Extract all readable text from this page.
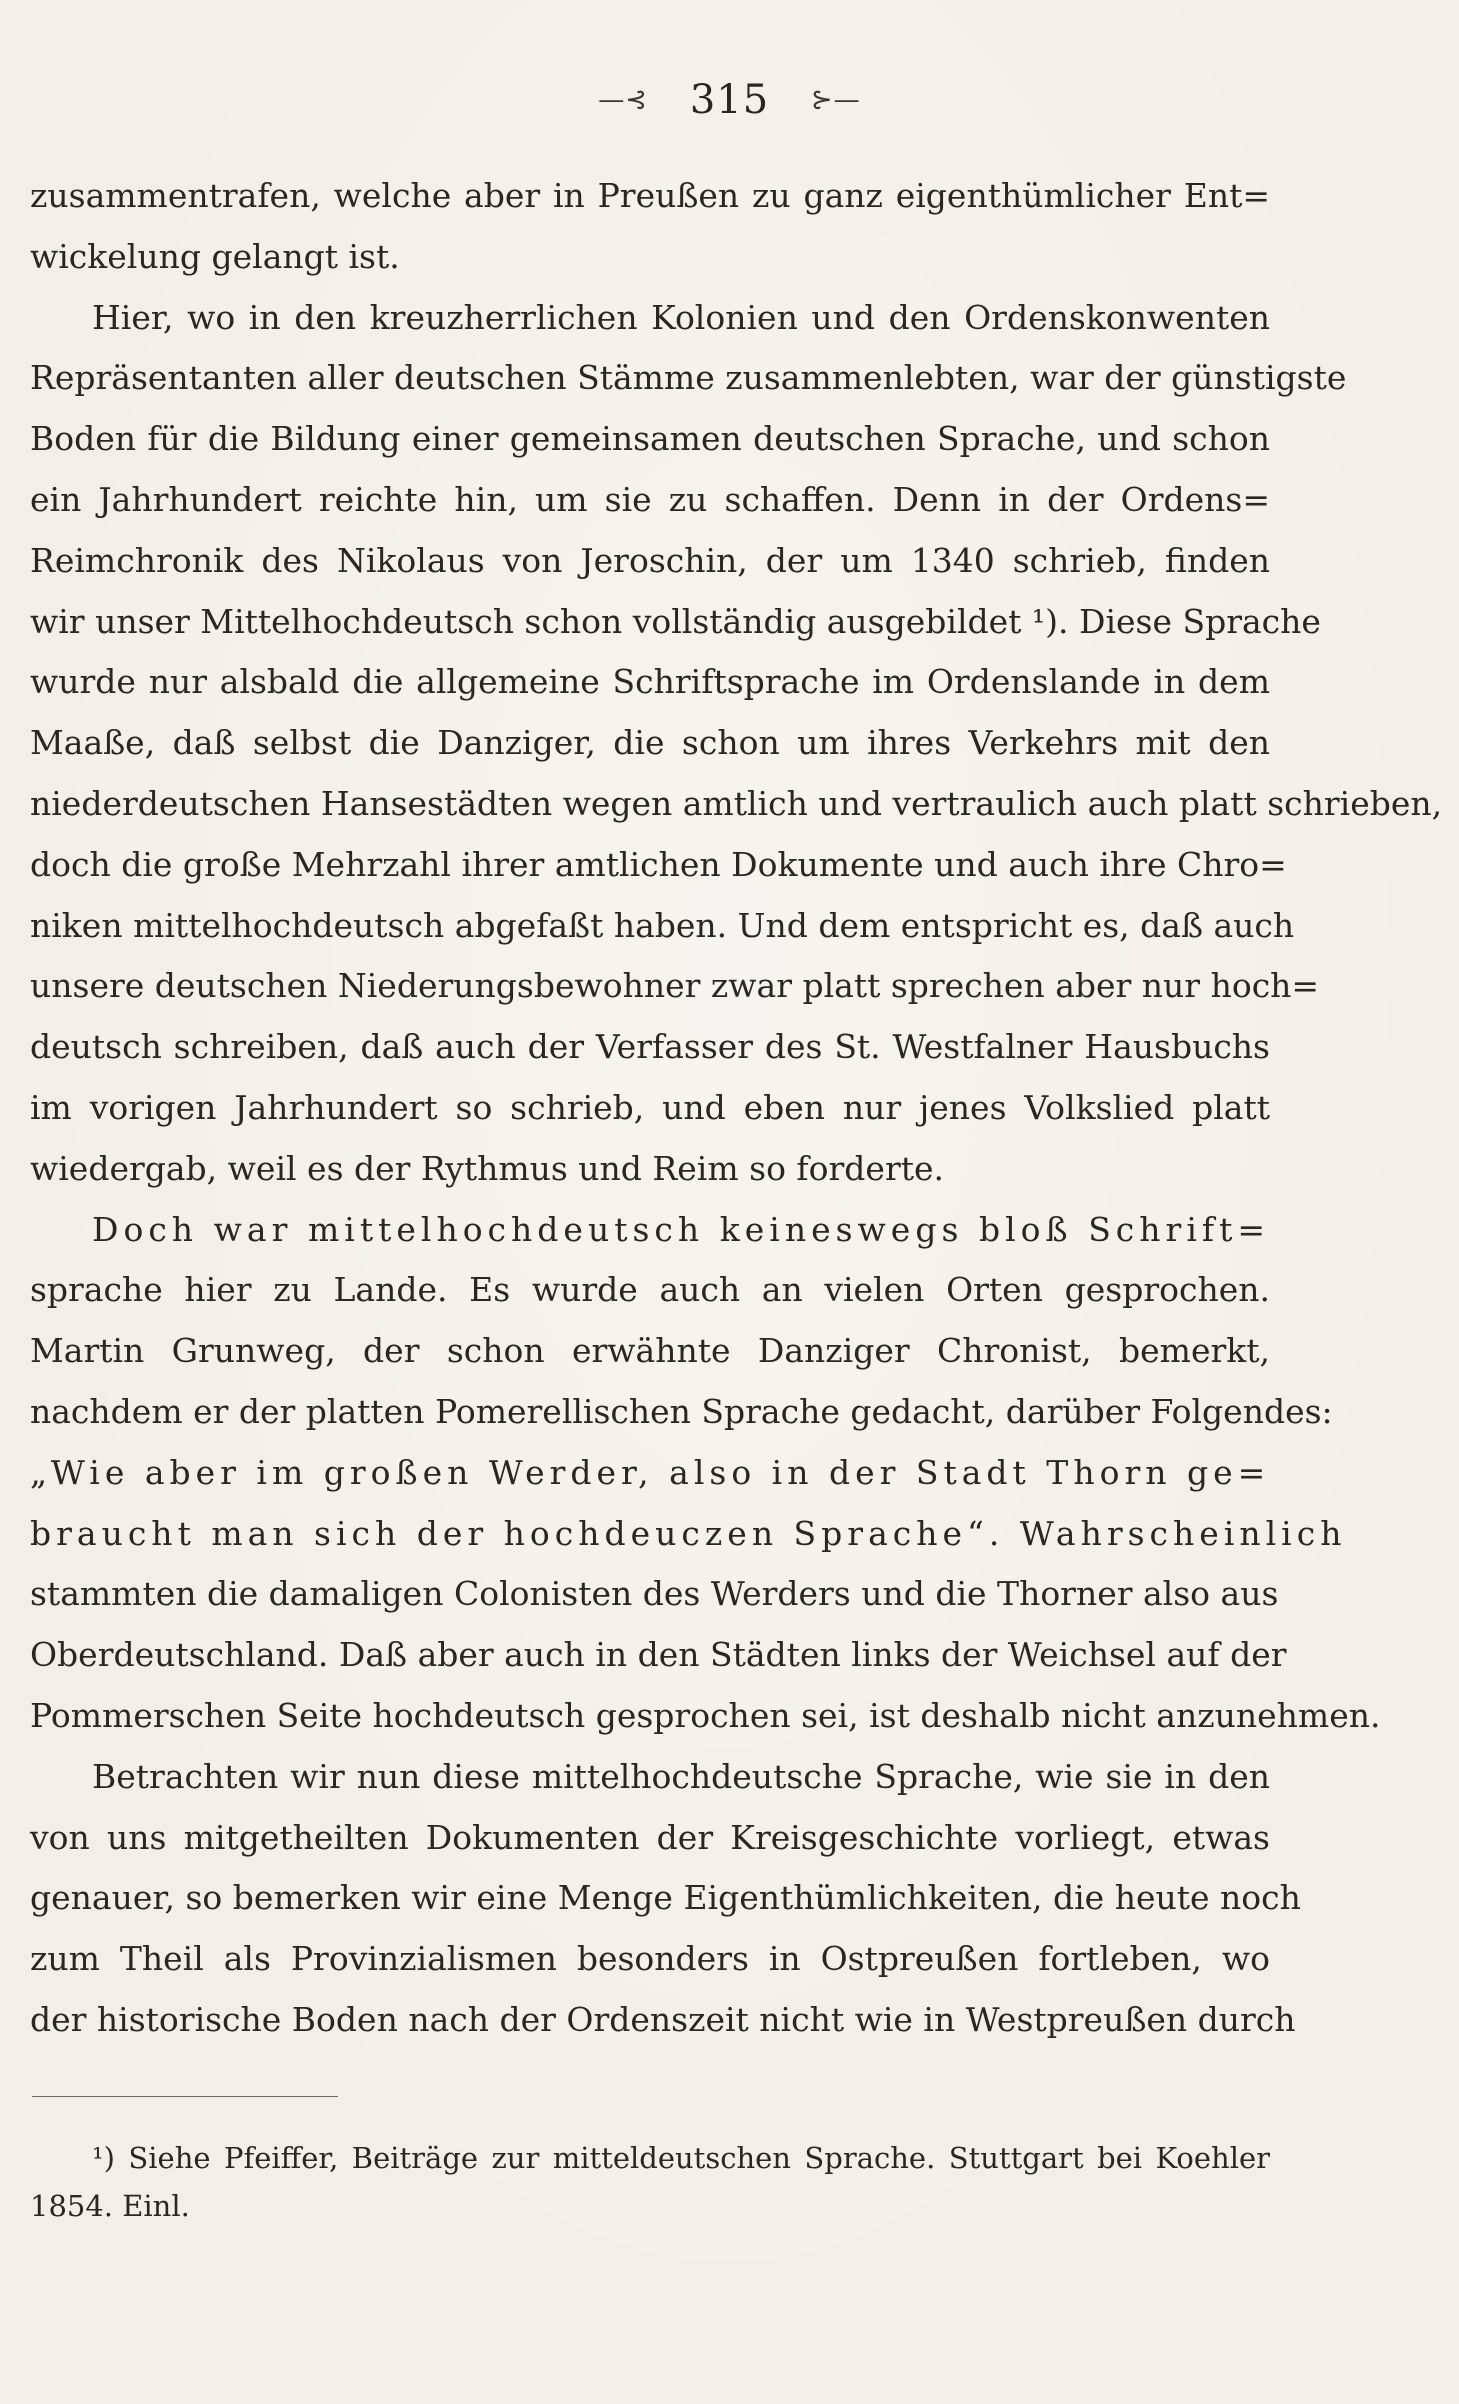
—⊰ 315 ⊱—
zusammentrafen, welche aber in Preußen zu ganz eigenthümlicher Ent=
wickelung gelangt ist.
Hier, wo in den kreuzherrlichen Kolonien und den Ordenskonwenten
Repräsentanten aller deutschen Stämme zusammenlebten, war der günstigste
Boden für die Bildung einer gemeinsamen deutschen Sprache, und schon
ein Jahrhundert reichte hin, um sie zu schaffen. Denn in der Ordens=
Reimchronik des Nikolaus von Jeroschin, der um 1340 schrieb, finden
wir unser Mittelhochdeutsch schon vollständig ausgebildet ¹). Diese Sprache
wurde nur alsbald die allgemeine Schriftsprache im Ordenslande in dem
Maaße, daß selbst die Danziger, die schon um ihres Verkehrs mit den
niederdeutschen Hansestädten wegen amtlich und vertraulich auch platt schrieben,
doch die große Mehrzahl ihrer amtlichen Dokumente und auch ihre Chro=
niken mittelhochdeutsch abgefaßt haben. Und dem entspricht es, daß auch
unsere deutschen Niederungsbewohner zwar platt sprechen aber nur hoch=
deutsch schreiben, daß auch der Verfasser des St. Westfalner Hausbuchs
im vorigen Jahrhundert so schrieb, und eben nur jenes Volkslied platt
wiedergab, weil es der Rythmus und Reim so forderte.
Doch war mittelhochdeutsch keineswegs bloß Schrift=
sprache hier zu Lande. Es wurde auch an vielen Orten gesprochen.
Martin Grunweg, der schon erwähnte Danziger Chronist, bemerkt,
nachdem er der platten Pomerellischen Sprache gedacht, darüber Folgendes:
„Wie aber im großen Werder, also in der Stadt Thorn ge=
braucht man sich der hochdeuczen Sprache“. Wahrscheinlich
stammten die damaligen Colonisten des Werders und die Thorner also aus
Oberdeutschland. Daß aber auch in den Städten links der Weichsel auf der
Pommerschen Seite hochdeutsch gesprochen sei, ist deshalb nicht anzunehmen.
Betrachten wir nun diese mittelhochdeutsche Sprache, wie sie in den
von uns mitgetheilten Dokumenten der Kreisgeschichte vorliegt, etwas
genauer, so bemerken wir eine Menge Eigenthümlichkeiten, die heute noch
zum Theil als Provinzialismen besonders in Ostpreußen fortleben, wo
der historische Boden nach der Ordenszeit nicht wie in Westpreußen durch
¹) Siehe Pfeiffer, Beiträge zur mitteldeutschen Sprache. Stuttgart bei Koehler
1854. Einl.
